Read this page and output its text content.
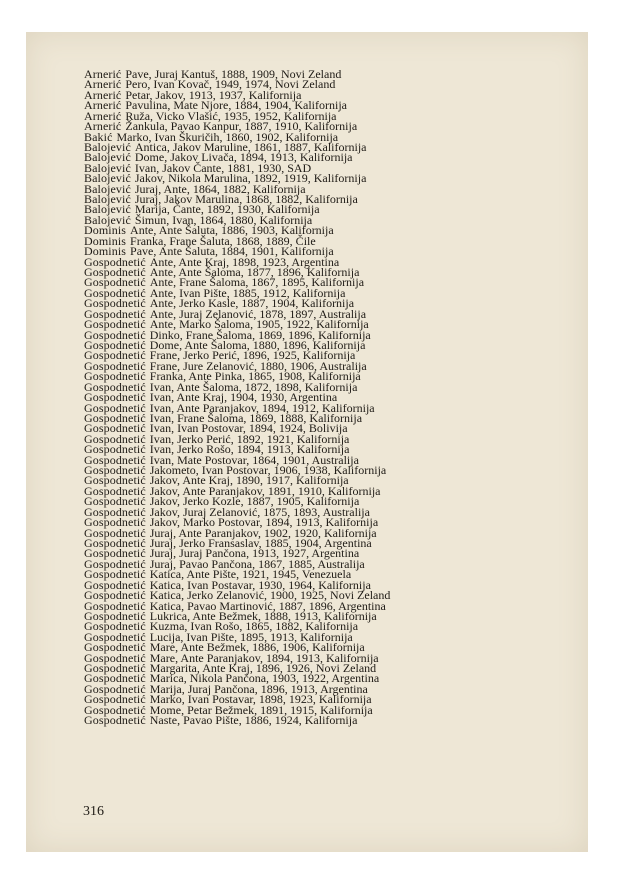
Arnerić Pave, Juraj Kantuš, 1888, 1909, Novi Zeland
Arnerić Pero, Ivan Kovač, 1949, 1974, Novi Zeland
Arnerić Petar, Jakov, 1913, 1937, Kalifornija
Arnerić Pavulina, Mate Njore, 1884, 1904, Kalifornija
Arnerić Ruža, Vicko Vlašić, 1935, 1952, Kalifornija
Arnerić Žankula, Pavao Kanpur, 1887, 1910, Kalifornija
Bakić Marko, Ivan Škuričih, 1860, 1902, Kalifornija
Balojević Antica, Jakov Maruline, 1861, 1887, Kalifornija
Balojević Dome, Jakov Livača, 1894, 1913, Kalifornija
Balojević Ivan, Jakov Čante, 1881, 1930, SAD
Balojević Jakov, Nikola Marulina, 1892, 1919, Kalifornija
Balojević Juraj, Ante, 1864, 1882, Kalifornija
Balojević Juraj, Jakov Marulina, 1868, 1882, Kalifornija
Balojević Marija, Čante, 1892, 1930, Kalifornija
Balojević Šimun, Ivan, 1864, 1880, Kalifornija
Dominis Ante, Ante Šaluta, 1886, 1903, Kalifornija
Dominis Franka, Frane Šaluta, 1868, 1889, Čile
Dominis Pave, Ante Šaluta, 1884, 1901, Kalifornija
Gospodnetić Ante, Ante Kraj, 1898, 1923, Argentina
Gospodnetić Ante, Ante Šaloma, 1877, 1896, Kalifornija
Gospodnetić Ante, Frane Šaloma, 1867, 1895, Kalifornija
Gospodnetić Ante, Ivan Pište, 1885, 1912, Kalifornija
Gospodnetić Ante, Jerko Kasle, 1887, 1904, Kalifornija
Gospodnetić Ante, Juraj Zelanović, 1878, 1897, Australija
Gospodnetić Ante, Marko Šaloma, 1905, 1922, Kalifornija
Gospodnetić Dinko, Frane Šaloma, 1869, 1896, Kalifornija
Gospodnetić Dome, Ante Šaloma, 1880, 1896, Kalifornija
Gospodnetić Frane, Jerko Perić, 1896, 1925, Kalifornija
Gospodnetić Frane, Jure Zelanović, 1880, 1906, Australija
Gospodnetić Franka, Ante Pinka, 1865, 1908, Kalifornija
Gospodnetić Ivan, Ante Šaloma, 1872, 1898, Kalifornija
Gospodnetić Ivan, Ante Kraj, 1904, 1930, Argentina
Gospodnetić Ivan, Ante Paranjakov, 1894, 1912, Kalifornija
Gospodnetić Ivan, Frane Šaloma, 1869, 1888, Kalifornija
Gospodnetić Ivan, Ivan Postovar, 1894, 1924, Bolivija
Gospodnetić Ivan, Jerko Perić, 1892, 1921, Kalifornija
Gospodnetić Ivan, Jerko Rošo, 1894, 1913, Kalifornija
Gospodnetić Ivan, Mate Postovar, 1864, 1901, Australija
Gospodnetić Jakometo, Ivan Postovar, 1906, 1938, Kalifornija
Gospodnetić Jakov, Ante Kraj, 1890, 1917, Kalifornija
Gospodnetić Jakov, Ante Paranjakov, 1891, 1910, Kalifornija
Gospodnetić Jakov, Jerko Kozle, 1887, 1905, Kalifornija
Gospodnetić Jakov, Juraj Zelanović, 1875, 1893, Australija
Gospodnetić Jakov, Marko Postovar, 1894, 1913, Kalifornija
Gospodnetić Juraj, Ante Paranjakov, 1902, 1920, Kalifornija
Gospodnetić Juraj, Jerko Fransaslav, 1885, 1904, Argentina
Gospodnetić Juraj, Juraj Pančona, 1913, 1927, Argentina
Gospodnetić Juraj, Pavao Pančona, 1867, 1885, Australija
Gospodnetić Katica, Ante Pište, 1921, 1945, Venezuela
Gospodnetić Katica, Ivan Postavar, 1930, 1964, Kalifornija
Gospodnetić Katica, Jerko Zelanović, 1900, 1925, Novi Zeland
Gospodnetić Katica, Pavao Martinović, 1887, 1896, Argentina
Gospodnetić Lukrica, Ante Bežmek, 1888, 1913, Kalifornija
Gospodnetić Kuzma, Ivan Rošo, 1865, 1882, Kalifornija
Gospodnetić Lucija, Ivan Pište, 1895, 1913, Kalifornija
Gospodnetić Mare, Ante Bežmek, 1886, 1906, Kalifornija
Gospodnetić Mare, Ante Paranjakov, 1894, 1913, Kalifornija
Gospodnetić Margarita, Ante Kraj, 1896, 1926, Novi Zeland
Gospodnetić Marica, Nikola Pančona, 1903, 1922, Argentina
Gospodnetić Marija, Juraj Pančona, 1896, 1913, Argentina
Gospodnetić Marko, Ivan Postavar, 1898, 1923, Kalifornija
Gospodnetić Mome, Petar Bežmek, 1891, 1915, Kalifornija
Gospodnetić Naste, Pavao Pište, 1886, 1924, Kalifornija
316
